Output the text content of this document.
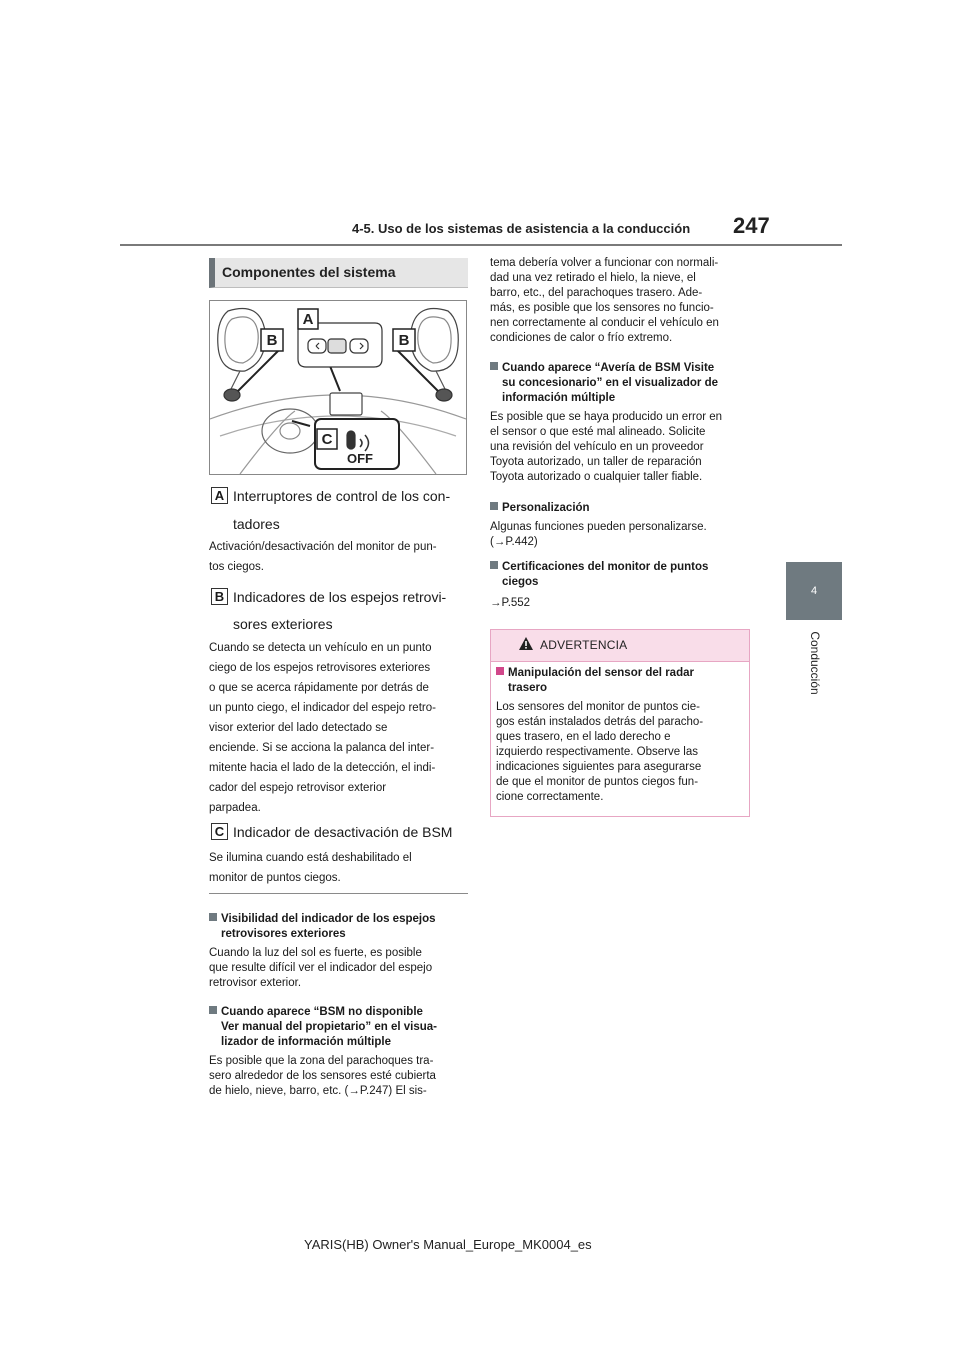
4-5. Uso de los sistemas de asistencia a la conducción 247
4
Conducción
Componentes del sistema
A
B	B
C
OFF
A Interruptores de control de los con-
tadores
Activación/desactivación del monitor de pun-
tos ciegos.
B Indicadores de los espejos retrovi-
sores exteriores
Cuando se detecta un vehículo en un punto
ciego de los espejos retrovisores exteriores
o que se acerca rápidamente por detrás de
un punto ciego, el indicador del espejo retro-
visor exterior del lado detectado se
enciende. Si se acciona la palanca del inter-
mitente hacia el lado de la detección, el indi-
cador del espejo retrovisor exterior
parpadea.
C Indicador de desactivación de BSM
Se ilumina cuando está deshabilitado el
monitor de puntos ciegos.
Visibilidad del indicador de los espejos
retrovisores exteriores
Cuando la luz del sol es fuerte, es posible
que resulte difícil ver el indicador del espejo
retrovisor exterior.
Cuando aparece “BSM no disponible
Ver manual del propietario” en el visua-
lizador de información múltiple
Es posible que la zona del parachoques tra-
sero alrededor de los sensores esté cubierta
de hielo, nieve, barro, etc. (→P.247) El sis-
tema debería volver a funcionar con normali-
dad una vez retirado el hielo, la nieve, el
barro, etc., del parachoques trasero. Ade-
más, es posible que los sensores no funcio-
nen correctamente al conducir el vehículo en
condiciones de calor o frío extremo.
Cuando aparece “Avería de BSM Visite
su concesionario” en el visualizador de
información múltiple
Es posible que se haya producido un error en
el sensor o que esté mal alineado. Solicite
una revisión del vehículo en un proveedor
Toyota autorizado, un taller de reparación
Toyota autorizado o cualquier taller fiable.
Personalización
Algunas funciones pueden personalizarse.
(→P.442)
Certificaciones del monitor de puntos
ciegos
→P.552
ADVERTENCIA
Manipulación del sensor del radar
trasero
Los sensores del monitor de puntos cie-
gos están instalados detrás del paracho-
ques trasero, en el lado derecho e
izquierdo respectivamente. Observe las
indicaciones siguientes para asegurarse
de que el monitor de puntos ciegos fun-
cione correctamente.
YARIS(HB) Owner's Manual_Europe_MK0004_es
